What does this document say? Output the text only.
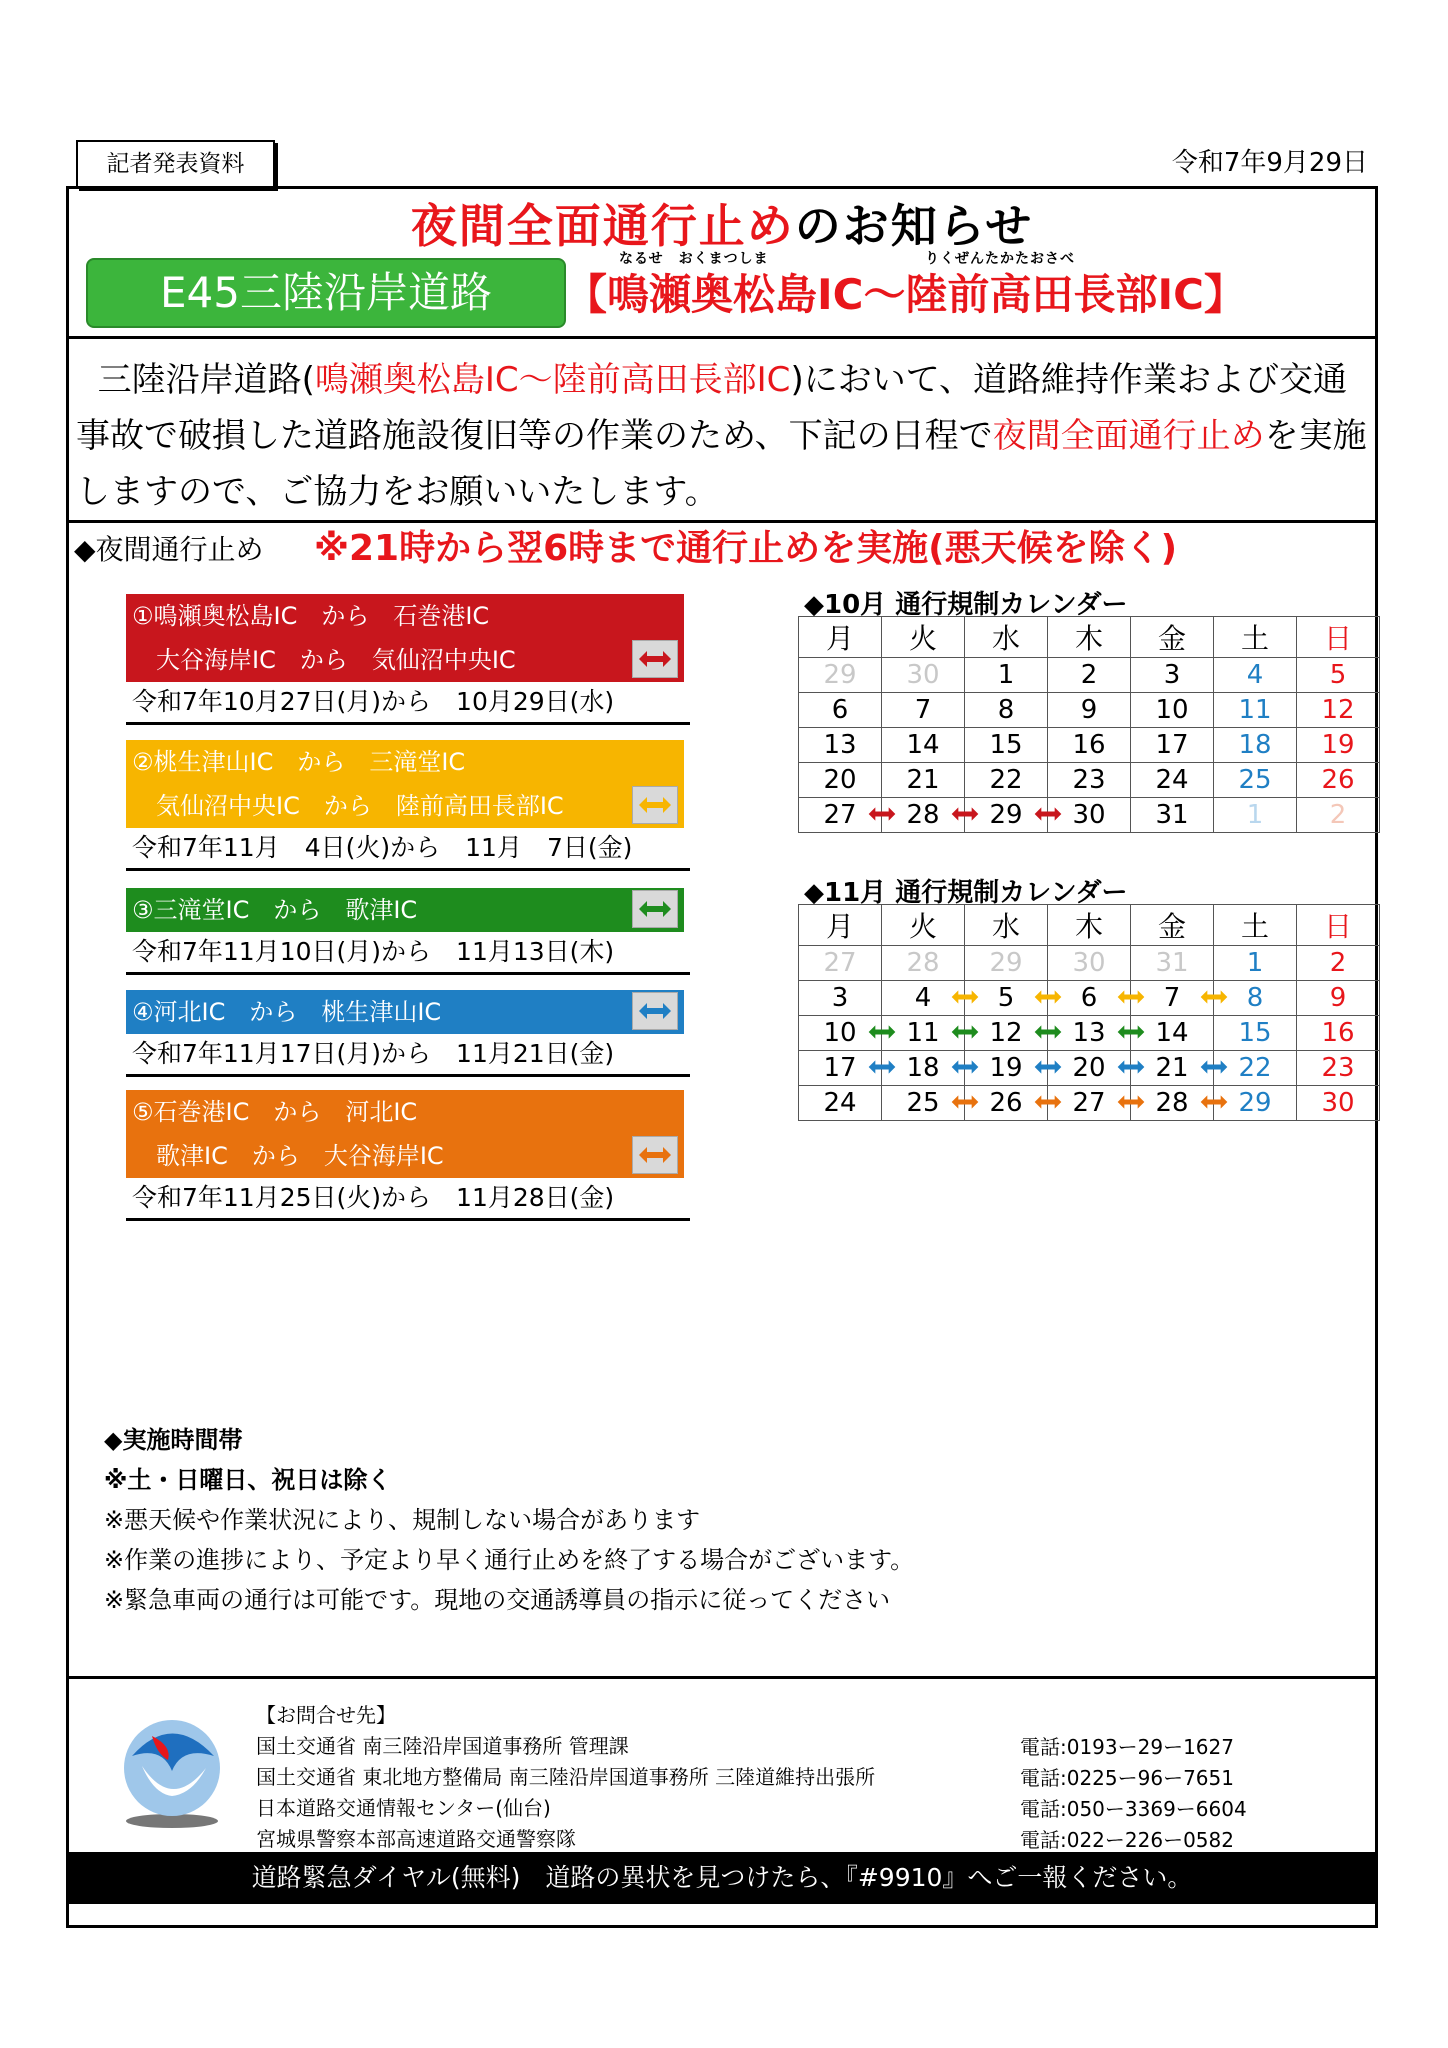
記者発表資料	令和7年9月29日
夜間全面通行止めのお知らせ
E45三陸沿岸道路
なるせ　おくまつしま	りくぜんたかたおさべ
【鳴瀬奥松島IC～陸前高田長部IC】
三陸沿岸道路(鳴瀬奥松島IC～陸前高田長部IC)において、道路維持作業および交通事故で破損した道路施設復旧等の作業のため、下記の日程で夜間全面通行止めを実施しますので、ご協力をお願いいたします。
◆夜間通行止め ※21時から翌6時まで通行止めを実施(悪天候を除く)
①鳴瀬奥松島IC　から　石巻港IC
大谷海岸IC　から　気仙沼中央IC
令和7年10月27日(月)から　10月29日(水)
②桃生津山IC　から　三滝堂IC
気仙沼中央IC　から　陸前高田長部IC
令和7年11月　4日(火)から　11月　7日(金)
③三滝堂IC　から　歌津IC
令和7年11月10日(月)から　11月13日(木)
④河北IC　から　桃生津山IC
令和7年11月17日(月)から　11月21日(金)
⑤石巻港IC　から　河北IC
歌津IC　から　大谷海岸IC
令和7年11月25日(火)から　11月28日(金)
◆10月 通行規制カレンダー
月	火	水	木	金	土	日
29	30	1	2	3	4	5
6	7	8	9	10	11	12
13	14	15	16	17	18	19
20	21	22	23	24	25	26
27	28	29	30	31	1	2
◆11月 通行規制カレンダー
月	火	水	木	金	土	日
27	28	29	30	31	1	2
3	4	5	6	7	8	9
10	11	12	13	14	15	16
17	18	19	20	21	22	23
24	25	26	27	28	29	30
◆実施時間帯
※土・日曜日、祝日は除く
※悪天候や作業状況により、規制しない場合があります
※作業の進捗により、予定より早く通行止めを終了する場合がございます。
※緊急車両の通行は可能です。現地の交通誘導員の指示に従ってください
【お問合せ先】
国土交通省 南三陸沿岸国道事務所 管理課
国土交通省 東北地方整備局 南三陸沿岸国道事務所 三陸道維持出張所
日本道路交通情報センター(仙台)
宮城県警察本部高速道路交通警察隊
電話:0193ー29ー1627
電話:0225ー96ー7651
電話:050ー3369ー6604
電話:022ー226ー0582
道路緊急ダイヤル(無料)　道路の異状を見つけたら、『#9910』へご一報ください。
